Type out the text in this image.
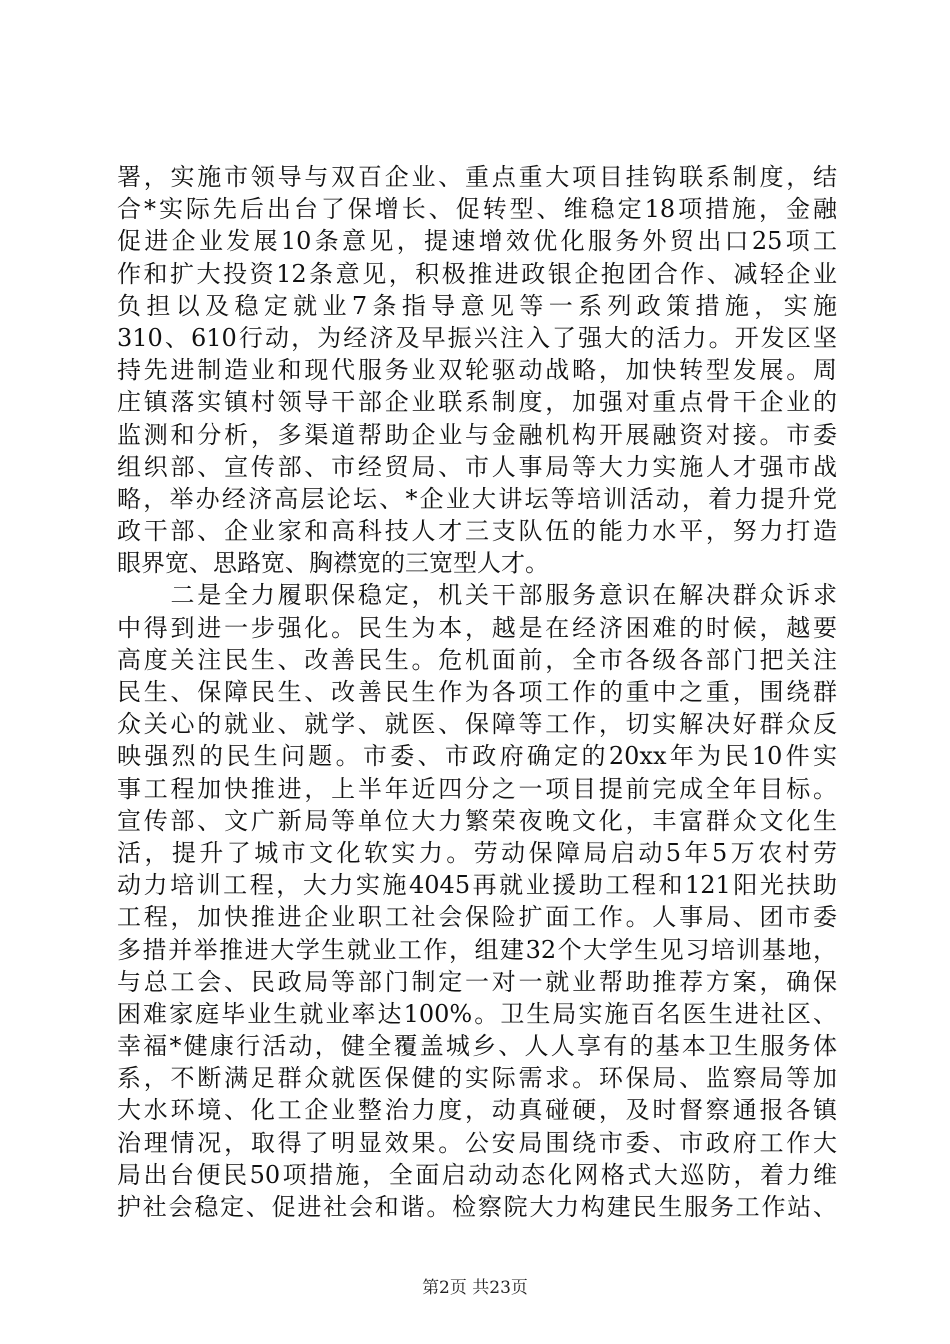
署，实施市领导与双百企业、重点重大项目挂钩联系制度，结
合*实际先后出台了保增长、促转型、维稳定18项措施，金融
促进企业发展10条意见，提速增效优化服务外贸出口25项工
作和扩大投资12条意见，积极推进政银企抱团合作、减轻企业
负担以及稳定就业7条指导意见等一系列政策措施，实施
310、610行动，为经济及早振兴注入了强大的活力。开发区坚
持先进制造业和现代服务业双轮驱动战略，加快转型发展。周
庄镇落实镇村领导干部企业联系制度，加强对重点骨干企业的
监测和分析，多渠道帮助企业与金融机构开展融资对接。市委
组织部、宣传部、市经贸局、市人事局等大力实施人才强市战
略，举办经济高层论坛、*企业大讲坛等培训活动，着力提升党
政干部、企业家和高科技人才三支队伍的能力水平，努力打造
眼界宽、思路宽、胸襟宽的三宽型人才。
　　二是全力履职保稳定，机关干部服务意识在解决群众诉求
中得到进一步强化。民生为本，越是在经济困难的时候，越要
高度关注民生、改善民生。危机面前，全市各级各部门把关注
民生、保障民生、改善民生作为各项工作的重中之重，围绕群
众关心的就业、就学、就医、保障等工作，切实解决好群众反
映强烈的民生问题。市委、市政府确定的20xx年为民10件实
事工程加快推进，上半年近四分之一项目提前完成全年目标。
宣传部、文广新局等单位大力繁荣夜晚文化，丰富群众文化生
活，提升了城市文化软实力。劳动保障局启动5年5万农村劳
动力培训工程，大力实施4045再就业援助工程和121阳光扶助
工程，加快推进企业职工社会保险扩面工作。人事局、团市委
多措并举推进大学生就业工作，组建32个大学生见习培训基地，
与总工会、民政局等部门制定一对一就业帮助推荐方案，确保
困难家庭毕业生就业率达100%。卫生局实施百名医生进社区、
幸福*健康行活动，健全覆盖城乡、人人享有的基本卫生服务体
系，不断满足群众就医保健的实际需求。环保局、监察局等加
大水环境、化工企业整治力度，动真碰硬，及时督察通报各镇
治理情况，取得了明显效果。公安局围绕市委、市政府工作大
局出台便民50项措施，全面启动动态化网格式大巡防，着力维
护社会稳定、促进社会和谐。检察院大力构建民生服务工作站、
第2页 共23页
